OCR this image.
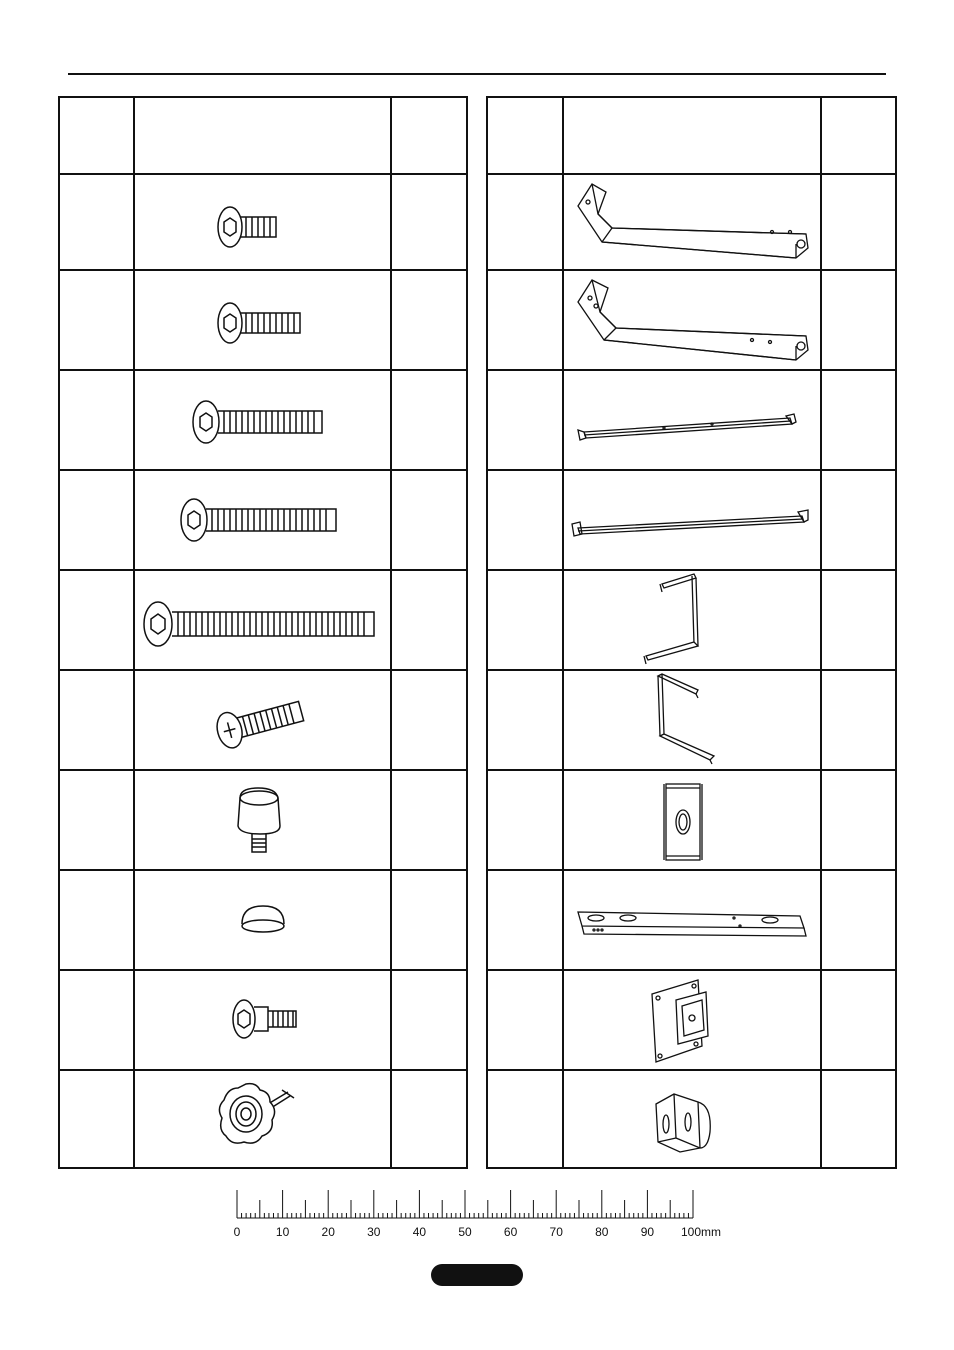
0	10	20	30	40	50	60	70	80	90 100mm
